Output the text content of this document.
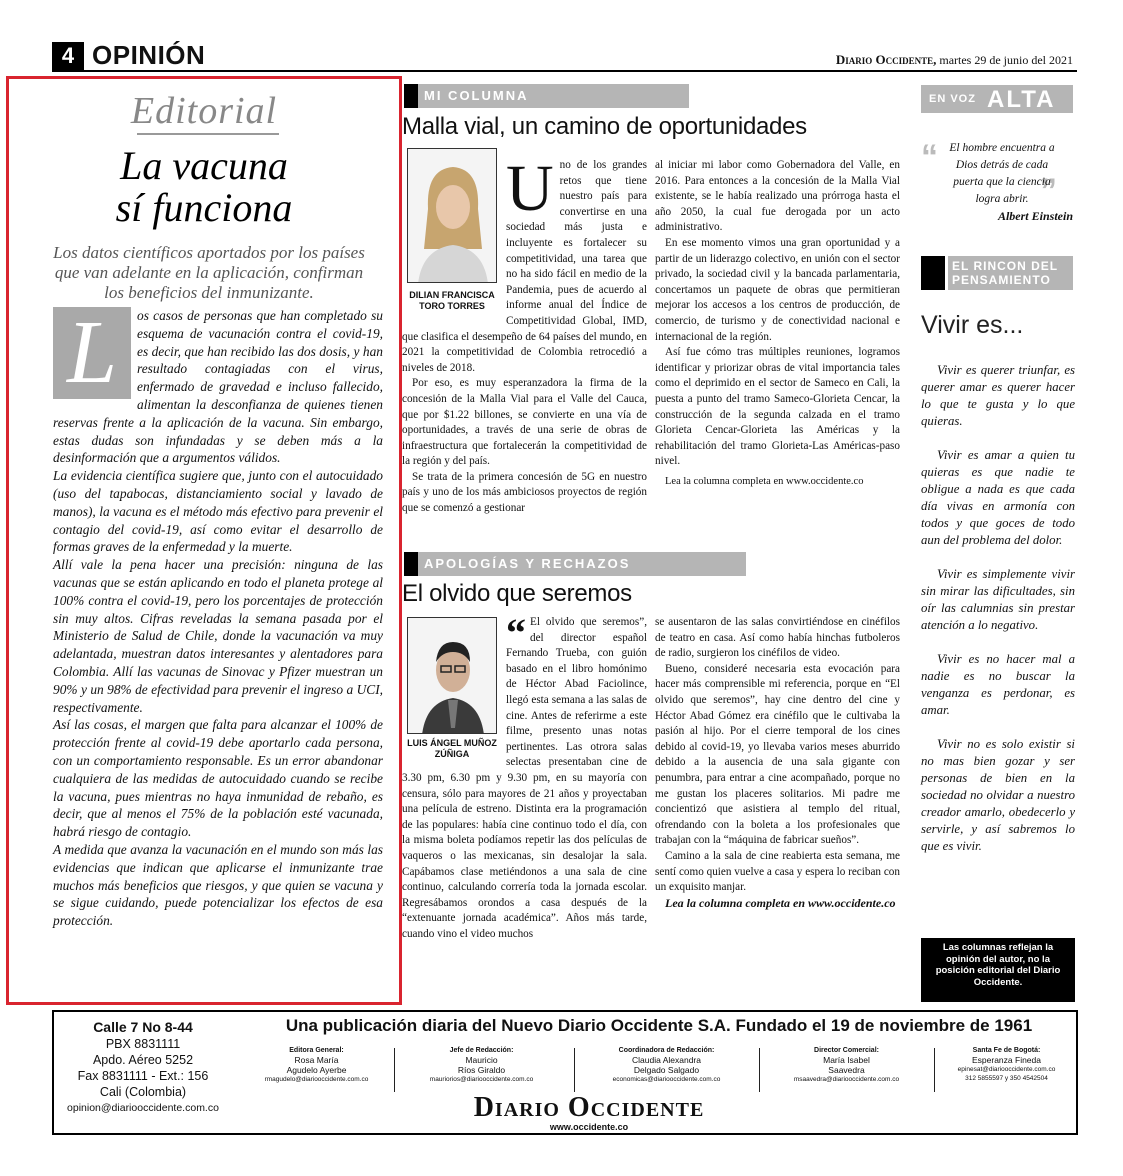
4 OPINIÓN	Diario Occidente, martes 29 de junio del 2021
Editorial
La vacuna
sí funciona
Los datos científicos aportados por los países que van adelante en la aplicación, confirman los beneficios del inmunizante.
L	os casos de personas que han completado su esquema de vacunación contra el covid-19, es decir, que han recibido las dos dosis, y han resultado contagiadas con el virus, enfermado de gravedad e incluso fallecido, alimentan la desconfianza de quienes tienen reservas frente a la aplicación de la vacuna. Sin embargo, estas dudas son infundadas y se deben más a la desinformación que a argumentos válidos.

La evidencia científica sugiere que, junto con el autocuidado (uso del tapabocas, distanciamiento social y lavado de manos), la vacuna es el método más efectivo para prevenir el contagio del covid-19, así como evitar el desarrollo de formas graves de la enfermedad y la muerte.

Allí vale la pena hacer una precisión: ninguna de las vacunas que se están aplicando en todo el planeta protege al 100% contra el covid-19, pero los porcentajes de protección sin muy altos. Cifras reveladas la semana pasada por el Ministerio de Salud de Chile, donde la vacunación va muy adelantada, muestran datos interesantes y alentadores para Colombia. Allí las vacunas de Sinovac y Pfizer muestran un 90% y un 98% de efectividad para prevenir el ingreso a UCI, respectivamente.

Así las cosas, el margen que falta para alcanzar el 100% de protección frente al covid-19 debe aportarlo cada persona, con un comportamiento responsable. Es un error abandonar cualquiera de las medidas de autocuidado cuando se recibe la vacuna, pues mientras no haya inmunidad de rebaño, es decir, que al menos el 75% de la población esté vacunada, habrá riesgo de contagio.

A medida que avanza la vacunación en el mundo son más las evidencias que indican que aplicarse el inmunizante trae muchos más beneficios que riesgos, y que quien se vacuna y se sigue cuidando, puede potencializar los efectos de esa protección.

MI COLUMNA
Malla vial, un camino de oportunidades
DILIAN FRANCISCA
TORO TORRES

Uno de los grandes retos que tiene nuestro país para convertirse en una sociedad más justa e incluyente es fortalecer su competitividad, una tarea que no ha sido fácil en medio de la Pandemia, pues de acuerdo al informe anual del Índice de Competitividad Global, IMD, que clasifica el desempeño de 64 países del mundo, en 2021 la competitividad de Colombia retrocedió a niveles de 2018.

Por eso, es muy esperanzadora la firma de la concesión de la Malla Vial para el Valle del Cauca, que por $1.22 billones, se convierte en una vía de oportunidades, a través de una serie de obras de infraestructura que fortalecerán la competitividad de la región y del país.

Se trata de la primera concesión de 5G en nuestro país y uno de los más ambiciosos proyectos de región que se comenzó a gestionar

al iniciar mi labor como Gobernadora del Valle, en 2016. Para entonces a la concesión de la Malla Vial existente, se le había realizado una prórroga hasta el año 2050, la cual fue derogada por un acto administrativo.

En ese momento vimos una gran oportunidad y a partir de un liderazgo colectivo, en unión con el sector privado, la sociedad civil y la bancada parlamentaria, concertamos un paquete de obras que permitieran mejorar los accesos a los centros de producción, de comercio, de turismo y de conectividad nacional e internacional de la región.

Así fue cómo tras múltiples reuniones, logramos identificar y priorizar obras de vital importancia tales como el deprimido en el sector de Sameco en Cali, la puesta a punto del tramo Sameco-Glorieta Cencar, la construcción de la segunda calzada en el tramo Glorieta Cencar-Glorieta las Américas y la rehabilitación del tramo Glorieta-Las Américas-paso nivel.

Lea la columna completa en www.occidente.co

APOLOGÍAS Y RECHAZOS
El olvido que seremos
LUIS ÁNGEL MUÑOZ
ZÚÑIGA

“ El olvido que seremos”, del director español Fernando Trueba, con guión basado en el libro homónimo de Héctor Abad Faciolince, llegó esta semana a las salas de cine. Antes de referirme a este filme, presento unas notas pertinentes. Las otrora salas selectas presentaban cine de 3.30 pm, 6.30 pm y 9.30 pm, en su mayoría con censura, sólo para mayores de 21 años y proyectaban una película de estreno. Distinta era la programación de las populares: había cine continuo todo el día, con la misma boleta podíamos repetir las dos películas de vaqueros o las mexicanas, sin desalojar la sala. Capábamos clase metiéndonos a una sala de cine continuo, calculando correría toda la jornada escolar. Regresábamos orondos a casa después de la “extenuante jornada académica”. Años más tarde, cuando vino el video muchos

se ausentaron de las salas convirtiéndose en cinéfilos de teatro en casa. Así como había hinchas futboleros de radio, surgieron los cinéfilos de video.

Bueno, consideré necesaria esta evocación para hacer más comprensible mi referencia, porque en “El olvido que seremos”, hay cine dentro del cine y Héctor Abad Gómez era cinéfilo que le cultivaba la pasión al hijo. Por el cierre temporal de los cines debido al covid-19, yo llevaba varios meses aburrido debido a la ausencia de una sala gigante con penumbra, para entrar a cine acompañado, porque no me gustan los placeres solitarios. Mi padre me concientizó que asistiera al templo del ritual, ofrendando con la boleta a los profesionales que trabajan con la “máquina de fabricar sueños”.

Camino a la sala de cine reabierta esta semana, me sentí como quien vuelve a casa y espera lo reciban con un exquisito manjar.

Lea la columna completa en www.occidente.co

EN VOZ ALTA
“
”
El hombre encuentra a Dios detrás de cada puerta que la ciencia logra abrir.
Albert Einstein
EL RINCON DEL PENSAMIENTO
Vivir es...

Vivir es querer triunfar, es querer amar es querer hacer lo que te gusta y lo que quieras.

Vivir es amar a quien tu quieras es que nadie te obligue a nada es que cada día vivas en armonía con todos y que goces de todo aun del problema del dolor.

Vivir es simplemente vivir sin mirar las dificultades, sin oír las calumnias sin prestar atención a lo negativo.

Vivir es no hacer mal a nadie es no buscar la venganza es perdonar, es amar.

Vivir no es solo existir si no mas bien gozar y ser personas de bien en la sociedad no olvidar a nuestro creador amarlo, obedecerlo y servirle, y así sabremos lo que es vivir.

Las columnas reflejan la opinión del autor, no la posición editorial del Diario Occidente.
Calle 7 No 8-44
PBX 8831111
Apdo. Aéreo 5252
Fax 8831111 - Ext.: 156
Cali (Colombia)
opinion@diariooccidente.com.co
Una publicación diaria del Nuevo Diario Occidente S.A. Fundado el 19 de noviembre de 1961
Editora General:
Rosa María
Agudelo Ayerbe
rmagudelo@diariooccidente.com.co
Jefe de Redacción:
Mauricio
Ríos Giraldo
mauriorios@diariooccidente.com.co
Coordinadora de Redacción:
Claudia Alexandra
Delgado Salgado
economicas@diariooccidente.com.co
Director Comercial:
María Isabel
Saavedra
msaavedra@diariooccidente.com.co
Santa Fe de Bogotá:
Esperanza Fineda
epinesat@diariooccidente.com.co
312 5855597 y 350 4542504
Diario Occidente
www.occidente.co
